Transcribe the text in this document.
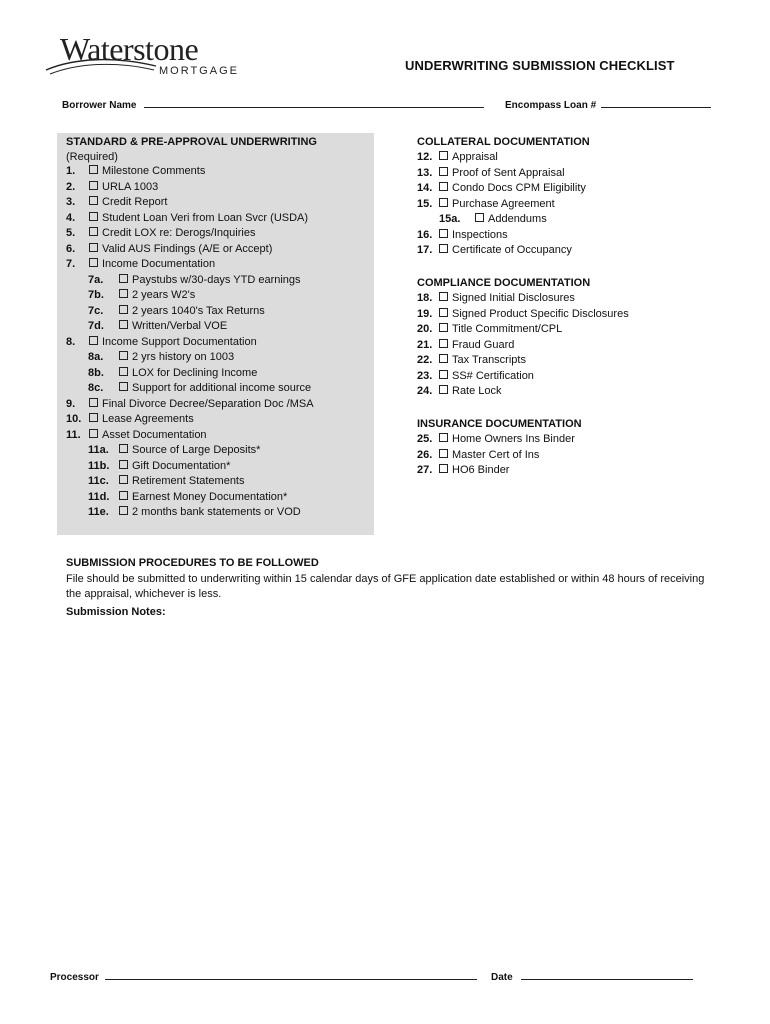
Waterstone
MORTGAGE	UNDERWRITING SUBMISSION CHECKLIST
Borrower Name	Encompass Loan #
STANDARD & PRE-APPROVAL UNDERWRITING
(Required)
1.	Milestone Comments
2.	URLA 1003
3.	Credit Report
4.	Student Loan Veri from Loan Svcr (USDA)
5.	Credit LOX re: Derogs/Inquiries
6.	Valid AUS Findings (A/E or Accept)
7.	Income Documentation
7a.	Paystubs w/30-days YTD earnings
7b.	2 years W2's
7c.	2 years 1040's Tax Returns
7d.	Written/Verbal VOE
8.	Income Support Documentation
8a.	2 yrs history on 1003
8b.	LOX for Declining Income
8c.	Support for additional income source
9.	Final Divorce Decree/Separation Doc /MSA
10.	Lease Agreements
11.	Asset Documentation
11a.	Source of Large Deposits*
11b.	Gift Documentation*
11c.	Retirement Statements
11d.	Earnest Money Documentation*
11e.	2 months bank statements or VOD
COLLATERAL DOCUMENTATION
12.	Appraisal
13.	Proof of Sent Appraisal
14.	Condo Docs CPM Eligibility
15.	Purchase Agreement
15a.	Addendums
16.	Inspections
17.	Certificate of Occupancy
COMPLIANCE DOCUMENTATION
18.	Signed Initial Disclosures
19.	Signed Product Specific Disclosures
20.	Title Commitment/CPL
21.	Fraud Guard
22.	Tax Transcripts
23.	SS# Certification
24.	Rate Lock
INSURANCE DOCUMENTATION
25.	Home Owners Ins Binder
26.	Master Cert of Ins
27.	HO6 Binder
SUBMISSION PROCEDURES TO BE FOLLOWED
File should be submitted to underwriting within 15 calendar days of GFE application date established or within 48 hours of receiving the appraisal, whichever is less.
Submission Notes:
Processor	Date
